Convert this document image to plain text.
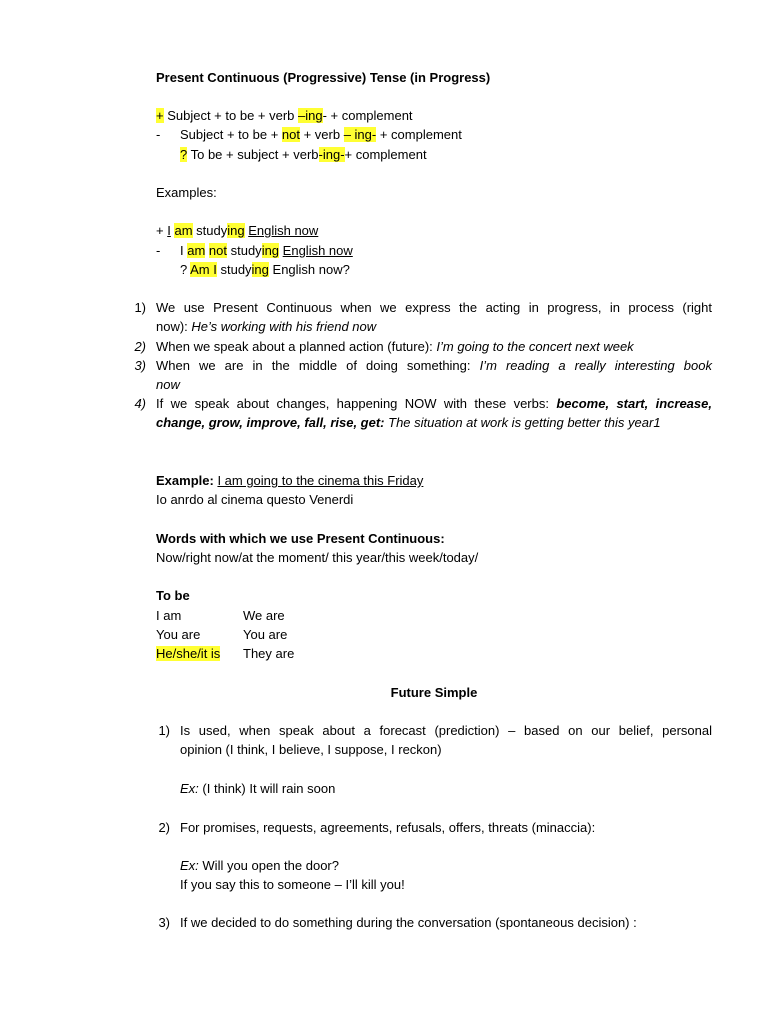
Present Continuous (Progressive) Tense (in Progress)
+ Subject + to be + verb –ing- + complement
- Subject + to be + not + verb – ing- + complement
? To be + subject + verb-ing-+ complement
Examples:
+ I am studying English now
- I am not studying English now
? Am I studying English now?
1) We use Present Continuous when we express the acting in progress, in process (right
now): He’s working with his friend now
2) When we speak about a planned action (future): I’m going to the concert next week
3) When we are in the middle of doing something: I’m reading a really interesting book
now
4) If we speak about changes, happening NOW with these verbs: become, start, increase,
change, grow, improve, fall, rise, get: The situation at work is getting better this year1
Example: I am going to the cinema this Friday
Io anrdo al cinema questo Venerdi
Words with which we use Present Continuous:
Now/right now/at the moment/ this year/this week/today/
To be
I am	We are
You are	You are
He/she/it is They are
Future Simple
1) Is used, when speak about a forecast (prediction) – based on our belief, personal
opinion (I think, I believe, I suppose, I reckon)
Ex: (I think) It will rain soon
2) For promises, requests, agreements, refusals, offers, threats (minaccia):
Ex: Will you open the door?
If you say this to someone – I’ll kill you!
3) If we decided to do something during the conversation (spontaneous decision) :
